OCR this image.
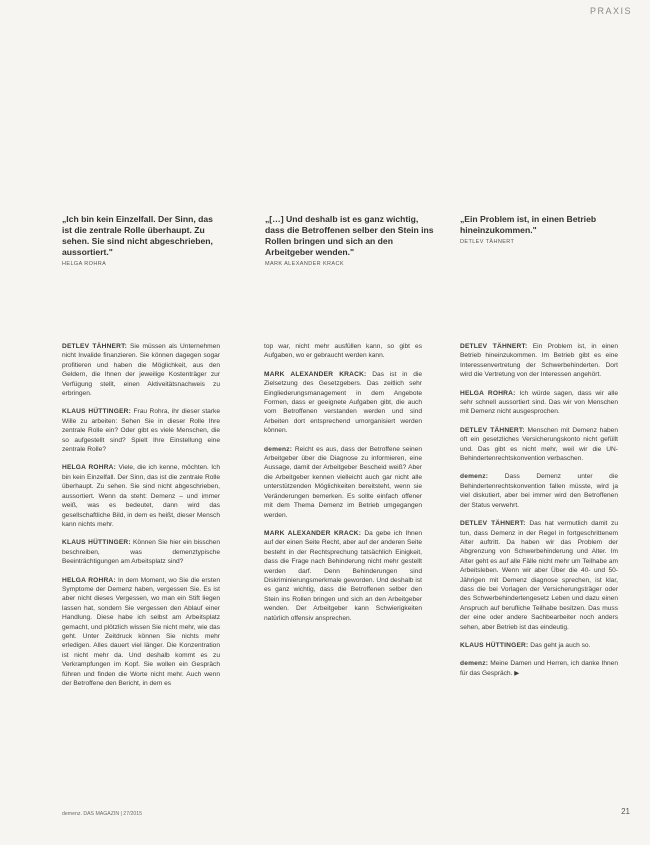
PRAXIS
„Ich bin kein Einzelfall. Der Sinn, das ist die zentrale Rolle überhaupt. Zu sehen. Sie sind nicht abgeschrieben, aussortiert."
HELGA ROHRA
„[…] Und deshalb ist es ganz wichtig, dass die Betroffenen selber den Stein ins Rollen bringen und sich an den Arbeitgeber wenden."
MARK ALEXANDER KRACK
„Ein Problem ist, in einen Betrieb hineinzukommen."
DETLEV TÄHNERT

DETLEV TÄHNERT: Sie müssen als Unternehmen nicht Invalide finanzieren. Sie können dagegen sogar profitieren und haben die Möglichkeit, aus den Geldern, die Ihnen der jeweilige Kostenträger zur Verfügung stellt, einen Aktiveitätsnachweis zu erbringen.

KLAUS HÜTTINGER: Frau Rohra, ihr dieser starke Wille zu arbeiten: Sehen Sie in dieser Rolle Ihre zentrale Rolle ein? Oder gibt es viele Menschen, die so aufgestellt sind? Spielt Ihre Einstellung eine zentrale Rolle?

HELGA ROHRA: Viele, die ich kenne, möchten. Ich bin kein Einzelfall. Der Sinn, das ist die zentrale Rolle überhaupt. Zu sehen. Sie sind nicht abgeschrieben, aussortiert. Wenn da steht: Demenz – und immer weiß, was es bedeutet, dann wird das gesellschaftliche Bild, in dem es heißt, dieser Mensch kann nichts mehr.

KLAUS HÜTTINGER: Können Sie hier ein bisschen beschreiben, was demenztypische Beeinträchtigungen am Arbeitsplatz sind?

HELGA ROHRA: In dem Moment, wo Sie die ersten Symptome der Demenz haben, vergessen Sie. Es ist aber nicht dieses Vergessen, wo man ein Stift liegen lassen hat, sondern Sie vergessen den Ablauf einer Handlung. Diese habe ich selbst am Arbeitsplatz gemacht, und plötzlich wissen Sie nicht mehr, wie das geht. Unter Zeitdruck können Sie nichts mehr erledigen. Alles dauert viel länger. Die Konzentration ist nicht mehr da. Und deshalb kommt es zu Verkrampfungen im Kopf. Sie wollen ein Gespräch führen und finden die Worte nicht mehr. Auch wenn der Betroffene den Bericht, in dem es

top war, nicht mehr ausfüllen kann, so gibt es Aufgaben, wo er gebraucht werden kann.

MARK ALEXANDER KRACK: Das ist in die Zielsetzung des Gesetzgebers. Das zeitlich sehr Eingliederungsmanagement in dem Angebote Formen, dass er geeignete Aufgaben gibt, die auch vom Betroffenen verstanden werden und sind Arbeiten dort entsprechend umorganisiert werden können.

demenz: Reicht es aus, dass der Betroffene seinen Arbeitgeber über die Diagnose zu informieren, eine Aussage, damit der Arbeitgeber Bescheid weiß? Aber die Arbeitgeber kennen vielleicht auch gar nicht alle unterstützenden Möglichkeiten bereitsteht, wenn sie Veränderungen bemerken. Es sollte einfach offener mit dem Thema Demenz im Betrieb umgegangen werden.

MARK ALEXANDER KRACK: Da gebe ich Ihnen auf der einen Seite Recht, aber auf der anderen Seite besteht in der Rechtsprechung tatsächlich Einigkeit, dass die Frage nach Behinderung nicht mehr gestellt werden darf. Denn Behinderungen sind Diskriminierungsmerkmale geworden. Und deshalb ist es ganz wichtig, dass die Betroffenen selber den Stein ins Rollen bringen und sich an den Arbeitgeber wenden. Der Arbeitgeber kann Schwierigkeiten natürlich offensiv ansprechen.

DETLEV TÄHNERT: Ein Problem ist, in einen Betrieb hineinzukommen. Im Betrieb gibt es eine Interessenvertretung der Schwerbehinderten. Dort wird die Vertretung von der Interessen angehört.

HELGA ROHRA: Ich würde sagen, dass wir alle sehr schnell aussortiert sind. Das wir von Menschen mit Demenz nicht ausgesprochen.

DETLEV TÄHNERT: Menschen mit Demenz haben oft ein gesetzliches Versicherungskonto nicht gefüllt und. Das gibt es nicht mehr, weil wir die UN-Behindertenrechtskonvention verbaschen.

demenz:	Dass Demenz unter die Behindertenrechtskonvention fallen müsste, wird ja viel diskutiert, aber bei immer wird den Betroffenen der Status verwehrt.

DETLEV TÄHNERT: Das hat vermutlich damit zu tun, dass Demenz in der Regel in fortgeschrittenem Alter auftritt. Da haben wir das Problem der Abgrenzung von Schwerbehinderung und Alter. Im Alter geht es auf alle Fälle nicht mehr um Teilhabe am Arbeitsleben. Wenn wir aber Über die 40- und 50-Jährigen mit Demenz diagnose sprechen, ist klar, dass die bei Vorlagen der Versicherungsträger oder des Schwerbehindertengesetz Leben und dazu einen Anspruch auf berufliche Teilhabe besitzen. Das muss der eine oder andere Sachbearbeiter noch anders sehen, aber Betrieb ist das eindeutig.

KLAUS HÜTTINGER: Das geht ja auch so.

demenz: Meine Damen und Herren, ich danke Ihnen für das Gespräch. ▶

demenz. DAS MAGAZIN | 27/2015	21
